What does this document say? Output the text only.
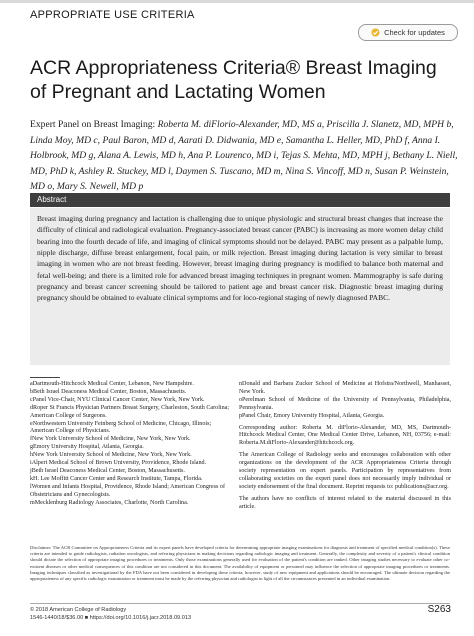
APPROPRIATE USE CRITERIA
Check for updates
ACR Appropriateness Criteria® Breast Imaging of Pregnant and Lactating Women
Expert Panel on Breast Imaging: Roberta M. diFlorio-Alexander, MD, MS a, Priscilla J. Slanetz, MD, MPH b, Linda Moy, MD c, Paul Baron, MD d, Aarati D. Didwania, MD e, Samantha L. Heller, MD, PhD f, Anna I. Holbrook, MD g, Alana A. Lewis, MD h, Ana P. Lourenco, MD i, Tejas S. Mehta, MD, MPH j, Bethany L. Niell, MD, PhD k, Ashley R. Stuckey, MD l, Daymen S. Tuscano, MD m, Nina S. Vincoff, MD n, Susan P. Weinstein, MD o, Mary S. Newell, MD p
Abstract
Breast imaging during pregnancy and lactation is challenging due to unique physiologic and structural breast changes that increase the difficulty of clinical and radiological evaluation. Pregnancy-associated breast cancer (PABC) is increasing as more women delay child bearing into the fourth decade of life, and imaging of clinical symptoms should not be delayed. PABC may present as a palpable lump, nipple discharge, diffuse breast enlargement, focal pain, or milk rejection. Breast imaging during lactation is very similar to breast imaging in women who are not breast feeding. However, breast imaging during pregnancy is modified to balance both maternal and fetal well-being; and there is a limited role for advanced breast imaging techniques in pregnant women. Mammography is safe during pregnancy and breast cancer screening should be tailored to patient age and breast cancer risk. Diagnostic breast imaging during pregnancy should be obtained to evaluate clinical symptoms and for loco-regional staging of newly diagnosed PABC.

aDartmouth-Hitchcock Medical Center, Lebanon, New Hampshire.

bBeth Israel Deaconess Medical Center, Boston, Massachusetts.

cPanel Vice-Chair, NYU Clinical Cancer Center, New York, New York.

dRoper St Francis Physician Partners Breast Surgery, Charleston, South Carolina; American College of Surgeons.

eNorthwestern University Feinberg School of Medicine, Chicago, Illinois; American College of Physicians.

fNew York University School of Medicine, New York, New York.

gEmory University Hospital, Atlanta, Georgia.

hNew York University School of Medicine, New York, New York.

iAlpert Medical School of Brown University, Providence, Rhode Island.

jBeth Israel Deaconess Medical Center, Boston, Massachusetts.

kH. Lee Moffitt Cancer Center and Research Institute, Tampa, Florida.

lWomen and Infants Hospital, Providence, Rhode Island; American Congress of Obstetricians and Gynecologists.

mMecklenburg Radiology Associates, Charlotte, North Carolina.

nDonald and Barbara Zucker School of Medicine at Hofstra/Northwell, Manhasset, New York.

oPerelman School of Medicine of the University of Pennsylvania, Philadelphia, Pennsylvania.

pPanel Chair, Emory University Hospital, Atlanta, Georgia.

Corresponding author: Roberta M. diFlorio-Alexander, MD, MS, Dartmouth-Hitchcock Medical Center, One Medical Center Drive, Lebanon, NH, 03756; e-mail: Roberta.M.diFlorio-Alexander@hitchcock.org.

The American College of Radiology seeks and encourages collaboration with other organizations on the development of the ACR Appropriateness Criteria through society representation on expert panels. Participation by representatives from collaborating societies on the expert panel does not necessarily imply individual or society endorsement of the final document. Reprint requests to: publications@acr.org.

The authors have no conflicts of interest related to the material discussed in this article.

Disclaimer: The ACR Committee on Appropriateness Criteria and its expert panels have developed criteria for determining appropriate imaging examinations for diagnosis and treatment of specified medical condition(s). These criteria are intended to guide radiologists, radiation oncologists, and referring physicians in making decisions regarding radiologic imaging and treatment. Generally, the complexity and severity of a patient's clinical condition should dictate the selection of appropriate imaging procedures or treatments. Only those examinations generally used for evaluation of the patient's condition are ranked. Other imaging studies necessary to evaluate other co-existent diseases or other medical consequences of this condition are not considered in this document. The availability of equipment or personnel may influence the selection of appropriate imaging procedures or treatments. Imaging techniques classified as investigational by the FDA have not been considered in developing these criteria; however, study of new equipment and applications should be encouraged. The ultimate decision regarding the appropriateness of any specific radiologic examination or treatment must be made by the referring physician and radiologist in light of all the circumstances presented in an individual examination.
© 2018 American College of Radiology
1546-1440/18/$36.00 ■ https://doi.org/10.1016/j.jacr.2018.09.013
S263
